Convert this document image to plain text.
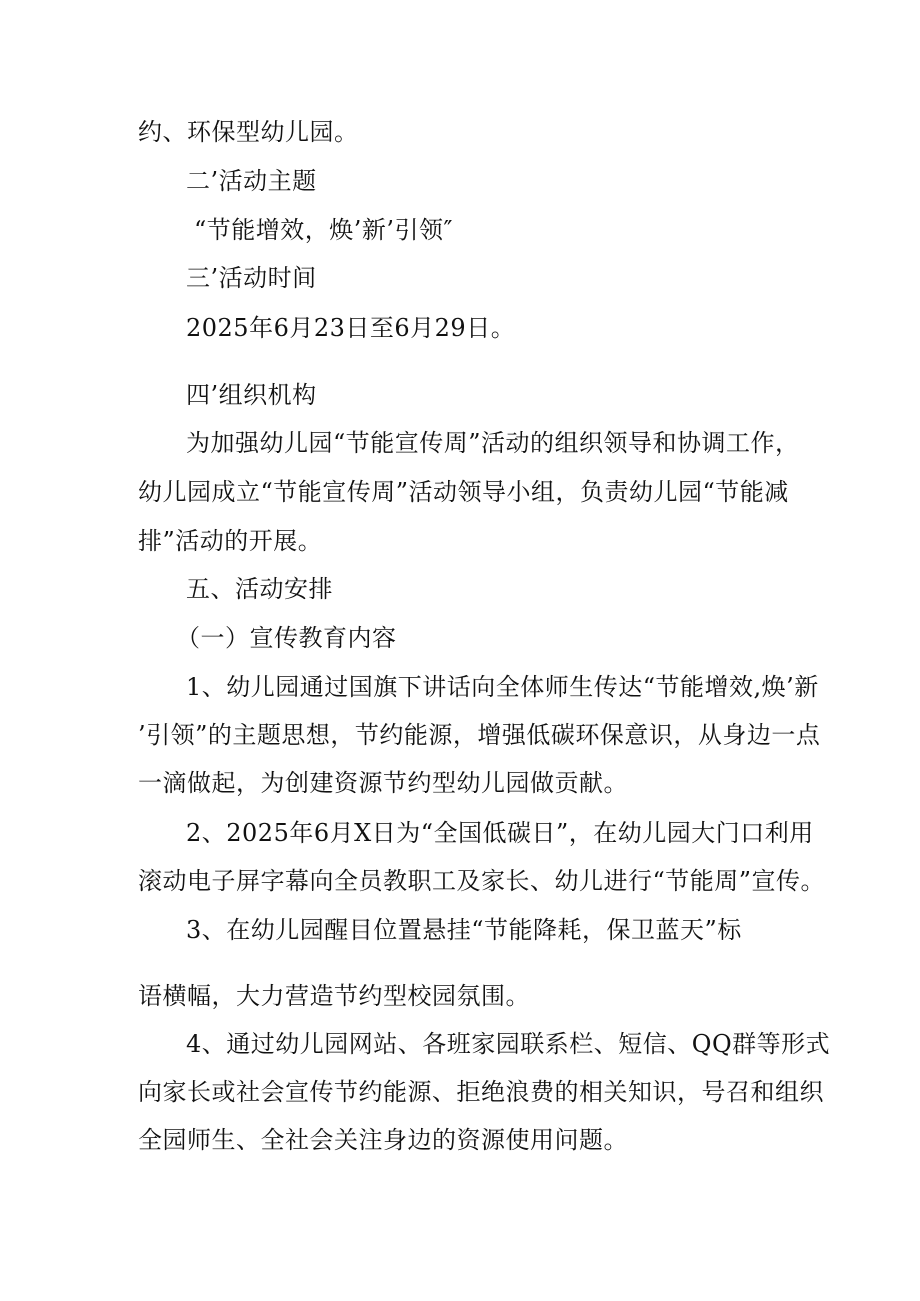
约、环保型幼儿园。
二’活动主题
“节能增效，焕’新’引领″
三’活动时间
2025年6月23日至6月29日。
四’组织机构
为加强幼儿园“节能宣传周”活动的组织领导和协调工作，
幼儿园成立“节能宣传周”活动领导小组，负责幼儿园“节能减
排”活动的开展。
五、活动安排
（一）宣传教育内容
1、幼儿园通过国旗下讲话向全体师生传达“节能增效,焕’新
’引领”的主题思想，节约能源，增强低碳环保意识，从身边一点
一滴做起，为创建资源节约型幼儿园做贡献。
2、2025年6月X日为“全国低碳日”，在幼儿园大门口利用
滚动电子屏字幕向全员教职工及家长、幼儿进行“节能周”宣传。
3、在幼儿园醒目位置悬挂“节能降耗，保卫蓝天”标
语横幅，大力营造节约型校园氛围。
4、通过幼儿园网站、各班家园联系栏、短信、QQ群等形式
向家长或社会宣传节约能源、拒绝浪费的相关知识，号召和组织
全园师生、全社会关注身边的资源使用问题。
